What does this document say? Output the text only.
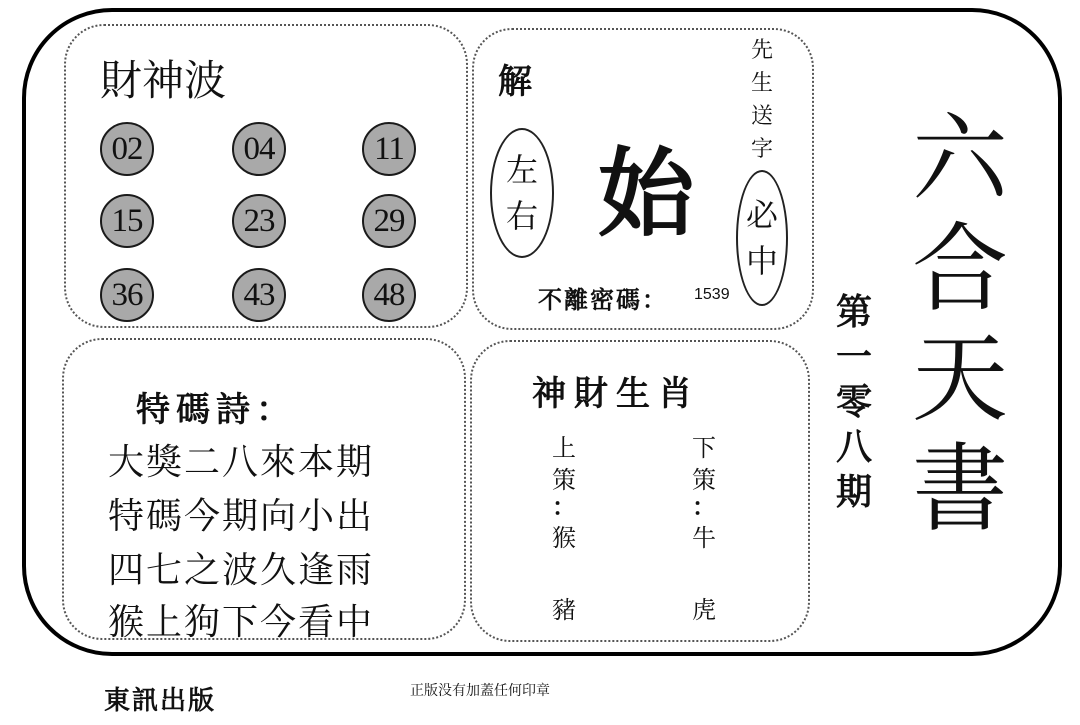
財神波
02	04	11
15	23	29
36	43	48
解
左
右 始
先
生
送
字
必
中
不離密碼： 1539
特碼詩：
大獎二八來本期
特碼今期向小出
四七之波久逢雨
猴上狗下今看中
神財生肖
上
策
：
猴
豬
下
策
：
牛
虎
六
合
天
書
第
一
零
八
期
東訊出版	正版没有加蓋任何印章
